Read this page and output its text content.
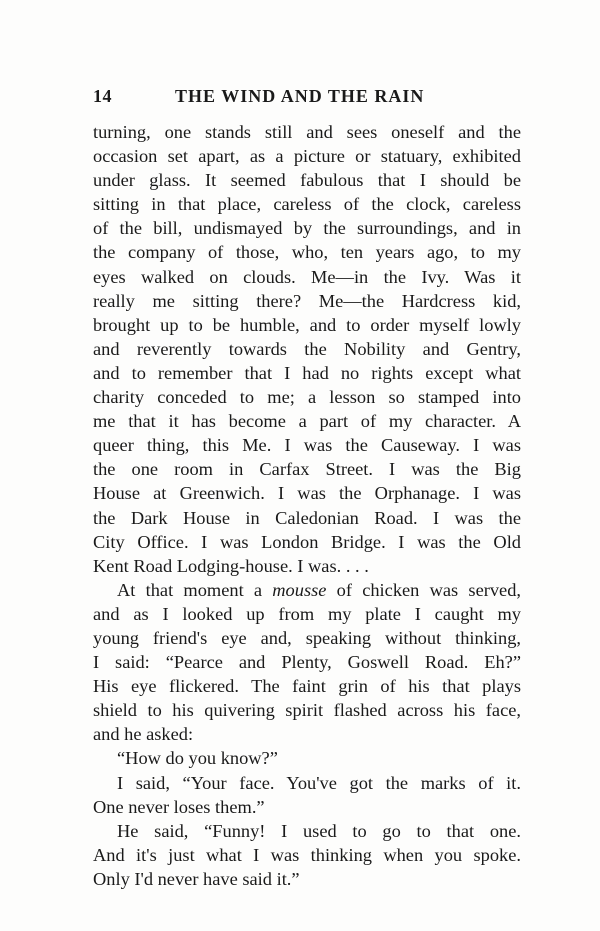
14	THE WIND AND THE RAIN
turning, one stands still and sees oneself and the
occasion set apart, as a picture or statuary, exhibited
under glass. It seemed fabulous that I should be
sitting in that place, careless of the clock, careless
of the bill, undismayed by the surroundings, and in
the company of those, who, ten years ago, to my
eyes walked on clouds. Me—in the Ivy. Was it
really me sitting there? Me—the Hardcress kid,
brought up to be humble, and to order myself lowly
and reverently towards the Nobility and Gentry,
and to remember that I had no rights except what
charity conceded to me; a lesson so stamped into
me that it has become a part of my character. A
queer thing, this Me. I was the Causeway. I was
the one room in Carfax Street. I was the Big
House at Greenwich. I was the Orphanage. I was
the Dark House in Caledonian Road. I was the
City Office. I was London Bridge. I was the Old
Kent Road Lodging-house. I was. . . .
At that moment a mousse of chicken was served,
and as I looked up from my plate I caught my
young friend's eye and, speaking without thinking,
I said: “Pearce and Plenty, Goswell Road. Eh?”
His eye flickered. The faint grin of his that plays
shield to his quivering spirit flashed across his face,
and he asked:
“How do you know?”
I said, “Your face. You've got the marks of it.
One never loses them.”
He said, “Funny! I used to go to that one.
And it's just what I was thinking when you spoke.
Only I'd never have said it.”
